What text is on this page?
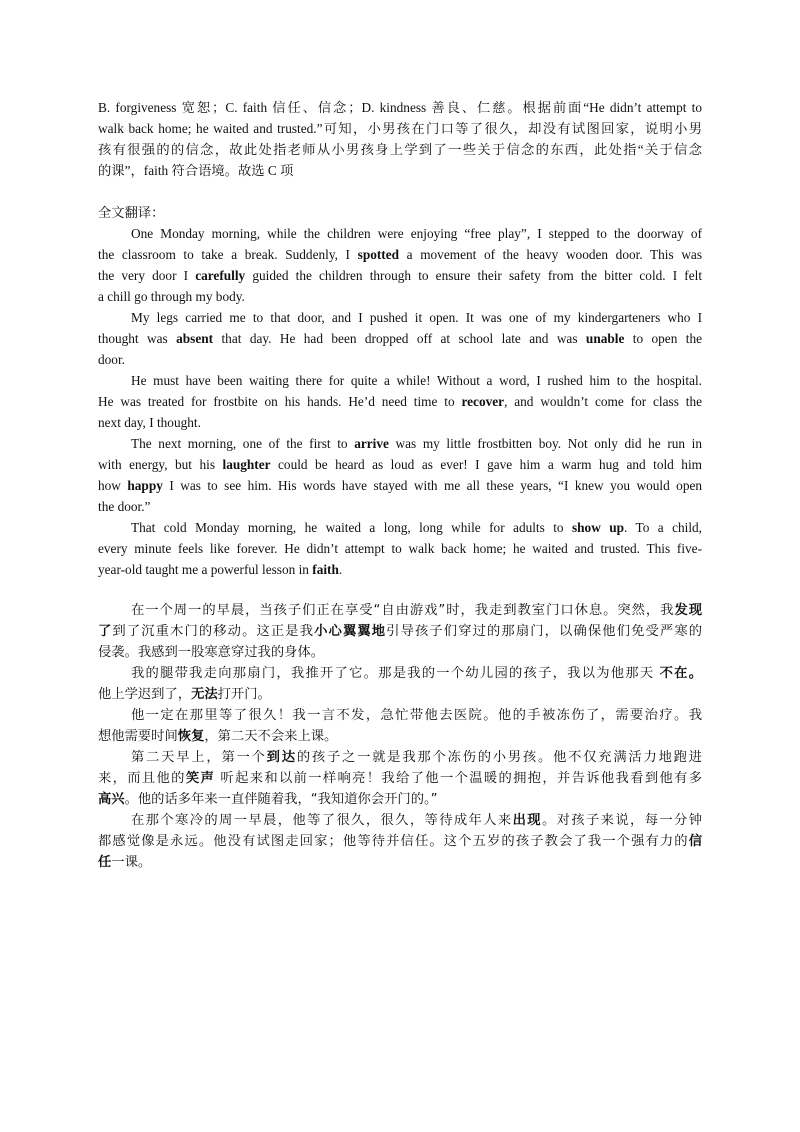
B. forgiveness 宽恕；C. faith 信任、信念；D. kindness 善良、仁慈。根据前面“He didn’t attempt to
walk back home; he waited and trusted.”可知，小男孩在门口等了很久，却没有试图回家，说明小男
孩有很强的的信念，故此处指老师从小男孩身上学到了一些关于信念的东西，此处指“关于信念
的课”，faith 符合语境。故选 C 项
全文翻译：
One Monday morning, while the children were enjoying “free play”, I stepped to the doorway of
the classroom to take a break. Suddenly, I spotted a movement of the heavy wooden door. This was
the very door I carefully guided the children through to ensure their safety from the bitter cold. I felt
a chill go through my body.
My legs carried me to that door, and I pushed it open. It was one of my kindergarteners who I
thought was absent that day. He had been dropped off at school late and was unable to open the
door.
He must have been waiting there for quite a while! Without a word, I rushed him to the hospital.
He was treated for frostbite on his hands. He’d need time to recover, and wouldn’t come for class the
next day, I thought.
The next morning, one of the first to arrive was my little frostbitten boy. Not only did he run in
with energy, but his laughter could be heard as loud as ever! I gave him a warm hug and told him
how happy I was to see him. His words have stayed with me all these years, “I knew you would open
the door.”
That cold Monday morning, he waited a long, long while for adults to show up. To a child,
every minute feels like forever. He didn’t attempt to walk back home; he waited and trusted. This five-
year-old taught me a powerful lesson in faith.
在一个周一的早晨，当孩子们正在享受“自由游戏”时，我走到教室门口休息。突然，我发现
了到了沉重木门的移动。这正是我小心翼翼地引导孩子们穿过的那扇门，以确保他们免受严寒的
侵袭。我感到一股寒意穿过我的身体。
我的腿带我走向那扇门，我推开了它。那是我的一个幼儿园的孩子，我以为他那天 不在。
他上学迟到了，无法打开门。
他一定在那里等了很久！我一言不发，急忙带他去医院。他的手被冻伤了，需要治疗。我
想他需要时间恢复，第二天不会来上课。
第二天早上，第一个到达的孩子之一就是我那个冻伤的小男孩。他不仅充满活力地跑进
来，而且他的笑声 听起来和以前一样响亮！我给了他一个温暖的拥抱，并告诉他我看到他有多
高兴。他的话多年来一直伴随着我，“我知道你会开门的。”
在那个寒冷的周一早晨，他等了很久，很久，等待成年人来出现。对孩子来说，每一分钟
都感觉像是永远。他没有试图走回家；他等待并信任。这个五岁的孩子教会了我一个强有力的信
任一课。
